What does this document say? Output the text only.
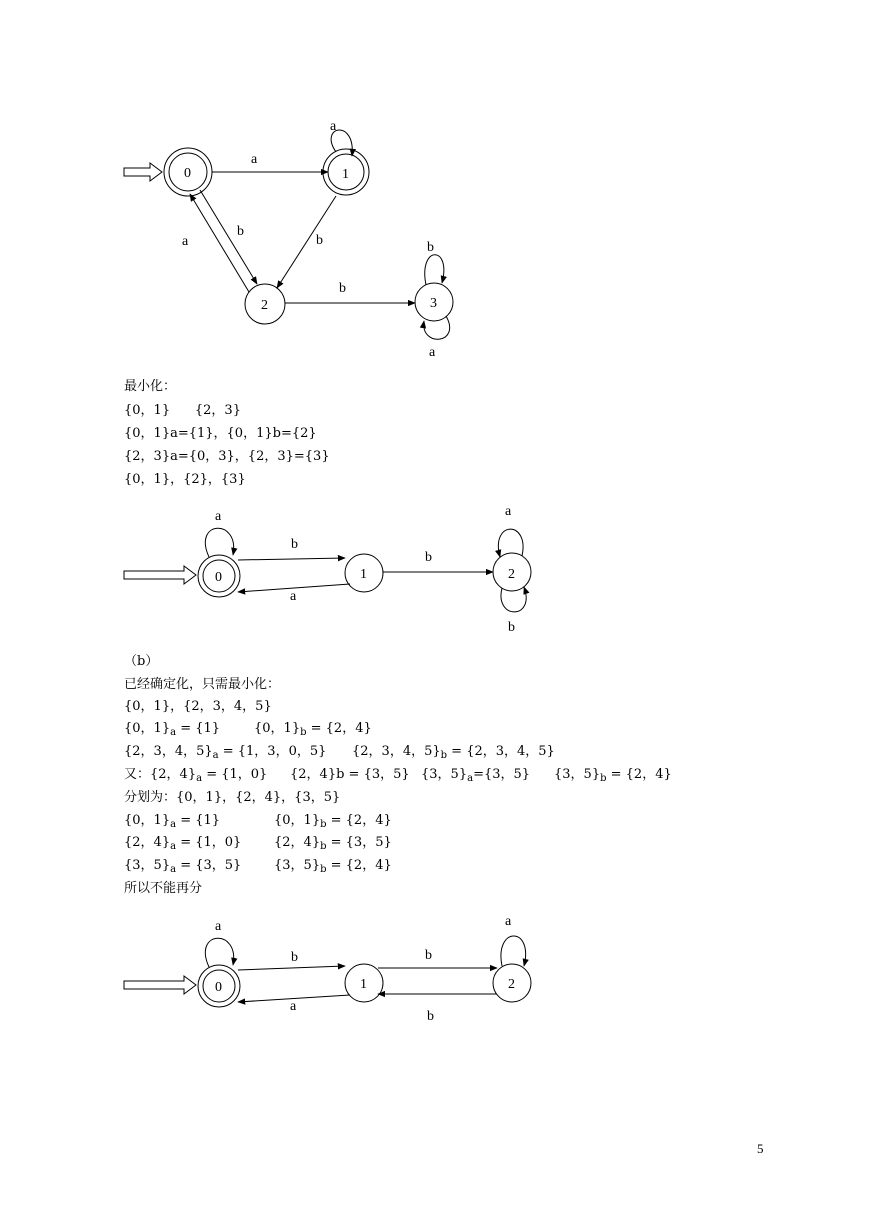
0	1
2	3
a
a
b
a	b
b
b
a
0	1	2
a
b
a
b
a
b
0	1	2
a
b
a
b
a
b
最小化：
{0，1}      {2，3}
{0，1}a={1}，{0，1}b={2}
{2，3}a={0，3}，{2，3}={3}
{0，1}，{2}，{3}
（b）
已经确定化，只需最小化：
{0，1}，{2，3，4，5}
{0，$1\}_a = \{1\}$	{0，$1\}_b = \{2$，4}
{2，3，4，$5\}_a = \{1$，3，0，5} {2，3，4，$5\}_b = \{2$，3，4，5}
又：{2，$4\}_a = \{1$，0} {2，4}b = {3，5} {3，$5\}_a=\{3$，5} {3，$5\}_b = \{2$，4}
分划为：{0，1}，{2，4}，{3，5}
{0，$1\}_a = \{1\}$	{0，$1\}_b = \{2$，4}
{2，$4\}_a = \{1$，0}	{2，$4\}_b = \{3$，5}
{3，$5\}_a = \{3$，5}	{3，$5\}_b = \{2$，4}
所以不能再分
5
